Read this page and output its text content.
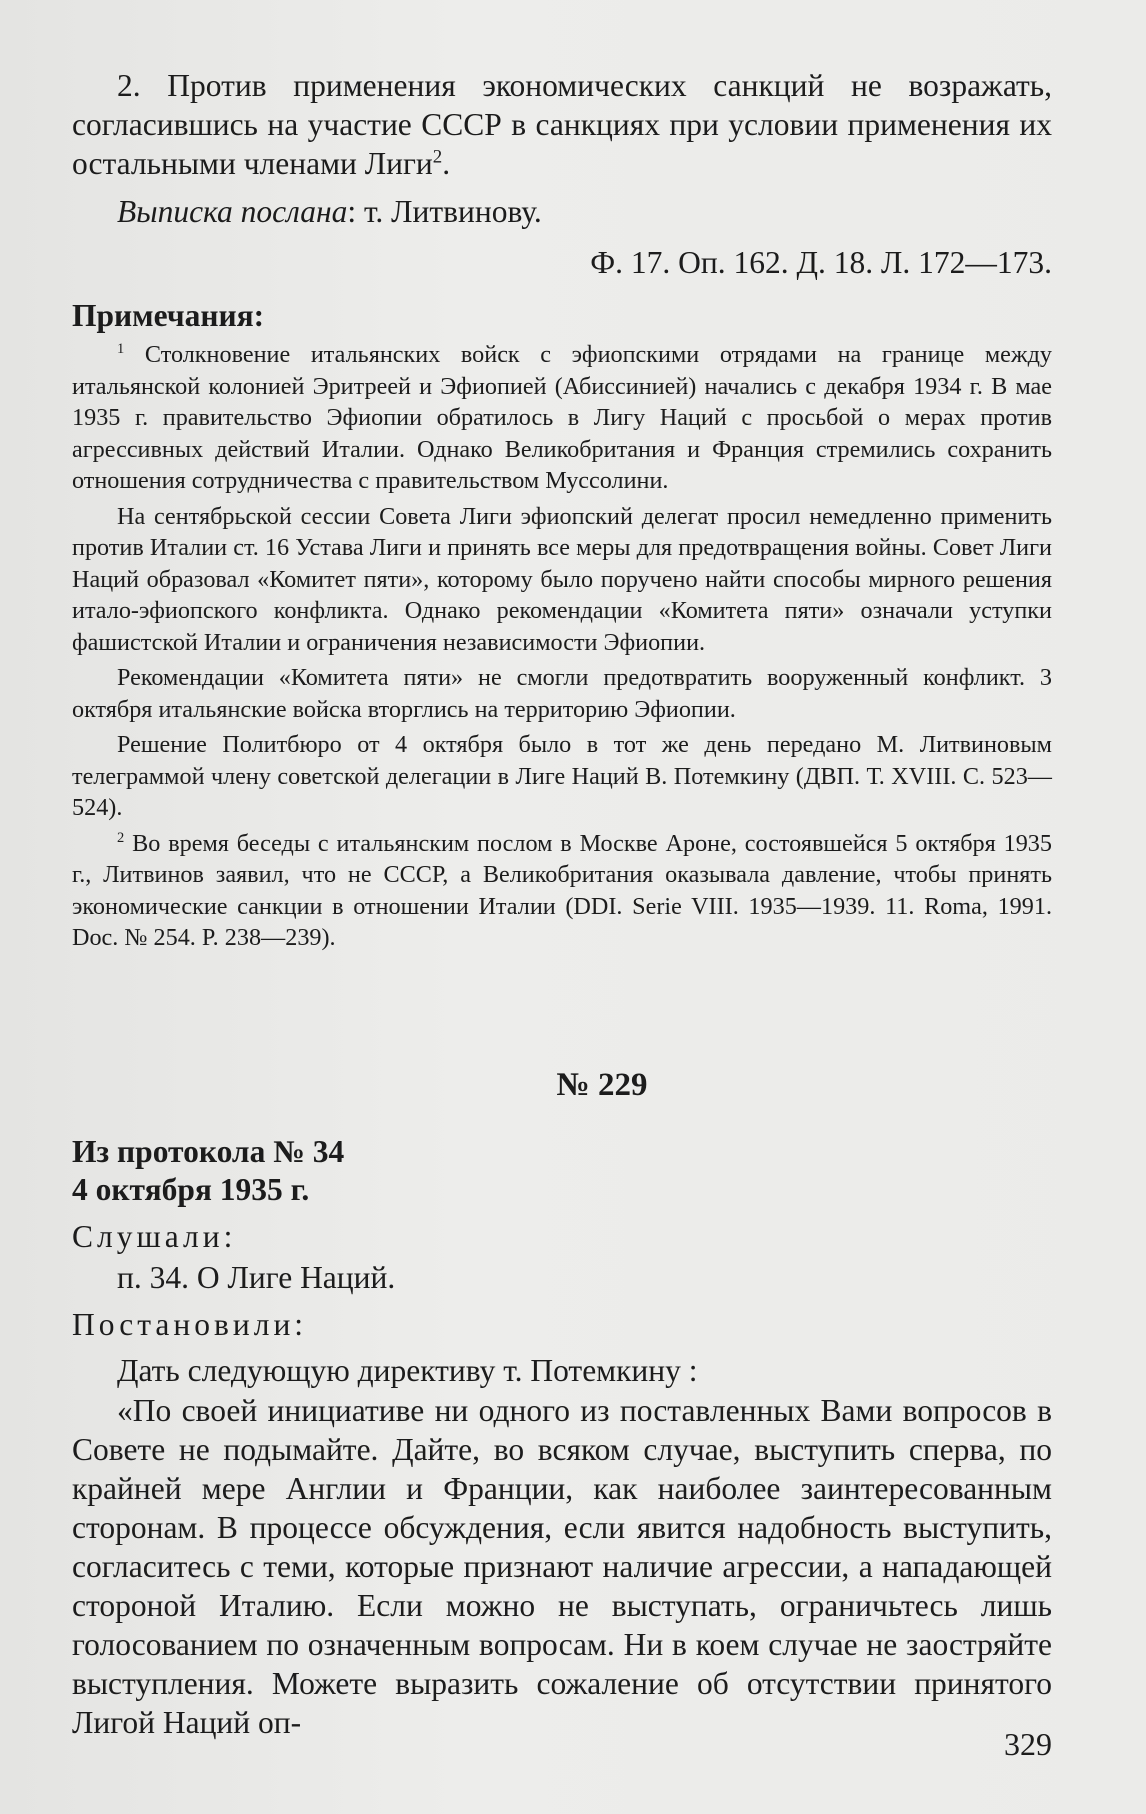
2. Против применения экономических санкций не возражать, согласившись на участие СССР в санкциях при условии применения их остальными членами Лиги$^2$.

Выписка послана: т. Литвинову.

Ф. 17. Оп. 162. Д. 18. Л. 172—173.
Примечания:

$^1$ Столкновение итальянских войск с эфиопскими отрядами на границе между итальянской колонией Эритреей и Эфиопией (Абиссинией) начались с декабря 1934 г. В мае 1935 г. правительство Эфиопии обратилось в Лигу Наций с просьбой о мерах против агрессивных действий Италии. Однако Великобритания и Франция стремились сохранить отношения сотрудничества с правительством Муссолини.

На сентябрьской сессии Совета Лиги эфиопский делегат просил немедленно применить против Италии ст. 16 Устава Лиги и принять все меры для предотвращения войны. Совет Лиги Наций образовал «Комитет пяти», которому было поручено найти способы мирного решения итало-эфиопского конфликта. Однако рекомендации «Комитета пяти» означали уступки фашистской Италии и ограничения независимости Эфиопии.

Рекомендации «Комитета пяти» не смогли предотвратить вооруженный конфликт. 3 октября итальянские войска вторглись на территорию Эфиопии.

Решение Политбюро от 4 октября было в тот же день передано М. Литвиновым телеграммой члену советской делегации в Лиге Наций В. Потемкину (ДВП. Т. XVIII. С. 523—524).

$^2$ Во время беседы с итальянским послом в Москве Ароне, состоявшейся 5 октября 1935 г., Литвинов заявил, что не СССР, а Великобритания оказывала давление, чтобы принять экономические санкции в отношении Италии (DDI. Serie VIII. 1935—1939. 11. Roma, 1991. Doc. № 254. P. 238—239).

№ 229
Из протокола № 34
4 октября 1935 г.
Слушали:

п. 34. О Лиге Наций.

Постановили:

Дать следующую директиву т. Потемкину :

«По своей инициативе ни одного из поставленных Вами вопросов в Совете не подымайте. Дайте, во всяком случае, выступить сперва, по крайней мере Англии и Франции, как наиболее заинтересованным сторонам. В процессе обсуждения, если явится надобность выступить, согласитесь с теми, которые признают наличие агрессии, а нападающей стороной Италию. Если можно не выступать, ограничьтесь лишь голосованием по означенным вопросам. Ни в коем случае не заостряйте выступления. Можете выразить сожаление об отсутствии принятого Лигой Наций оп-

329
